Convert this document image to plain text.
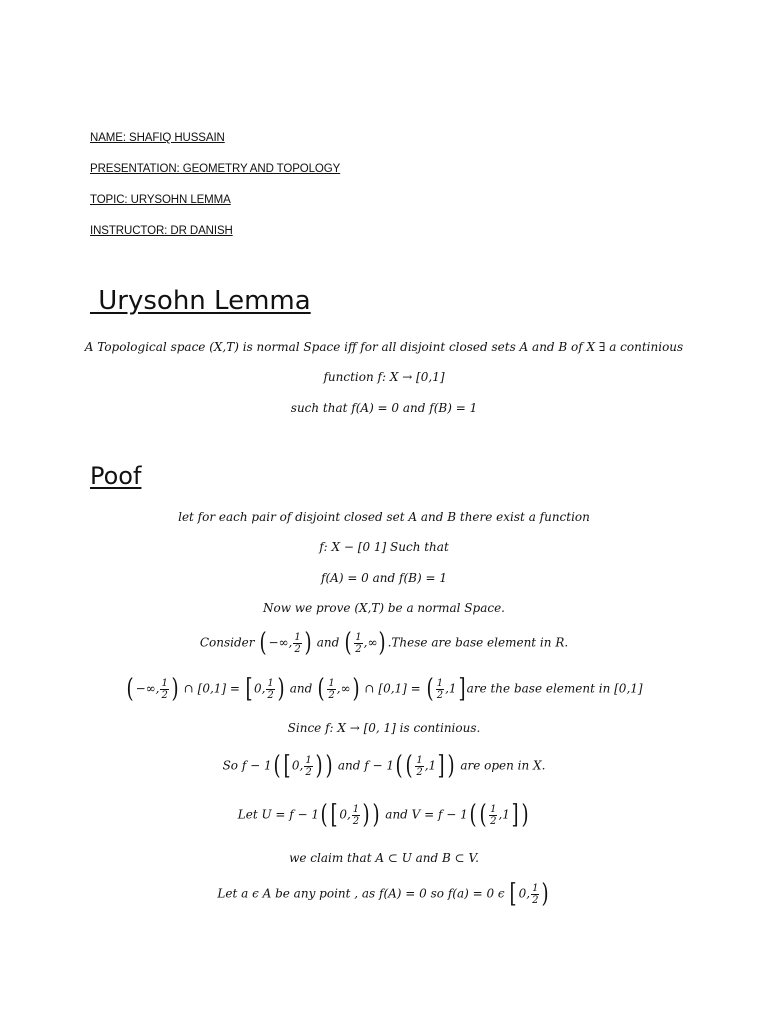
NAME: SHAFIQ HUSSAIN
PRESENTATION: GEOMETRY AND TOPOLOGY
TOPIC: URYSOHN LEMMA
INSTRUCTOR: DR DANISH
Urysohn Lemma
A Topological space (X,T) is normal Space iff for all disjoint closed sets A and B of X ∃ a continious
function f: X → [0,1]
such that f(A) = 0 and f(B) = 1
Poof
let for each pair of disjoint closed set A and B there exist a function
f: X − [0 1] Such that
f(A) = 0 and f(B) = 1
Now we prove (X,T) be a normal Space.
Consider ( −∞, $\frac{1}{2}$ ) and ( $\frac{1}{2}$ ,∞) .These are base element in R.
( −∞, $\frac{1}{2}$ ) ∩ [0,1] = [ 0, $\frac{1}{2}$ ) and ( $\frac{1}{2}$ ,∞) ∩ [0,1] = ( $\frac{1}{2} ,1$] are the base element in [0,1]
Since f: X → [0, 1] is continious.
So f − 1( [ 0, $\frac{1}{2}$ ) ) and f − 1( ( $\frac{1}{2} ,1$] ) are open in X.
Let U = f − 1( [ 0, $\frac{1}{2}$ ) ) and V = f − 1( ( $\frac{1}{2} ,1$] )
we claim that A ⊂ U and B ⊂ V.
Let a ϵ A be any point , as f(A) = 0 so f(a) = 0 ϵ [ 0, $\frac{1}{2}$ )
